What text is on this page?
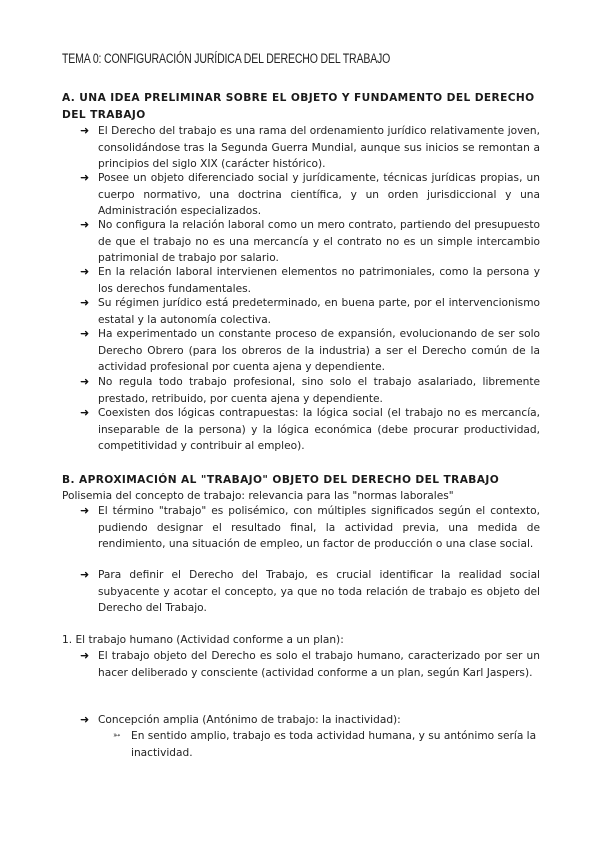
TEMA 0: CONFIGURACIÓN JURÍDICA DEL DERECHO DEL TRABAJO
A. UNA IDEA PRELIMINAR SOBRE EL OBJETO Y FUNDAMENTO DEL DERECHO DEL TRABAJO
➜ El Derecho del trabajo es una rama del ordenamiento jurídico relativamente joven, consolidándose tras la Segunda Guerra Mundial, aunque sus inicios se remontan a principios del siglo XIX (carácter histórico).
➜ Posee un objeto diferenciado social y jurídicamente, técnicas jurídicas propias, un cuerpo normativo, una doctrina científica, y un orden jurisdiccional y una Administración especializados.
➜ No configura la relación laboral como un mero contrato, partiendo del presupuesto de que el trabajo no es una mercancía y el contrato no es un simple intercambio patrimonial de trabajo por salario.
➜ En la relación laboral intervienen elementos no patrimoniales, como la persona y los derechos fundamentales.
➜ Su régimen jurídico está predeterminado, en buena parte, por el intervencionismo estatal y la autonomía colectiva.
➜ Ha experimentado un constante proceso de expansión, evolucionando de ser solo Derecho Obrero (para los obreros de la industria) a ser el Derecho común de la actividad profesional por cuenta ajena y dependiente.
➜ No regula todo trabajo profesional, sino solo el trabajo asalariado, libremente prestado, retribuido, por cuenta ajena y dependiente.
➜ Coexisten dos lógicas contrapuestas: la lógica social (el trabajo no es mercancía, inseparable de la persona) y la lógica económica (debe procurar productividad, competitividad y contribuir al empleo).
B. APROXIMACIÓN AL "TRABAJO" OBJETO DEL DERECHO DEL TRABAJO
Polisemia del concepto de trabajo: relevancia para las "normas laborales"
➜ El término "trabajo" es polisémico, con múltiples significados según el contexto, pudiendo designar el resultado final, la actividad previa, una medida de rendimiento, una situación de empleo, un factor de producción o una clase social.
➜ Para definir el Derecho del Trabajo, es crucial identificar la realidad social subyacente y acotar el concepto, ya que no toda relación de trabajo es objeto del Derecho del Trabajo.
1. El trabajo humano (Actividad conforme a un plan):
➜ El trabajo objeto del Derecho es solo el trabajo humano, caracterizado por ser un hacer deliberado y consciente (actividad conforme a un plan, según Karl Jaspers).
➜ Concepción amplia (Antónimo de trabajo: la inactividad):
➳ En sentido amplio, trabajo es toda actividad humana, y su antónimo sería la inactividad.
